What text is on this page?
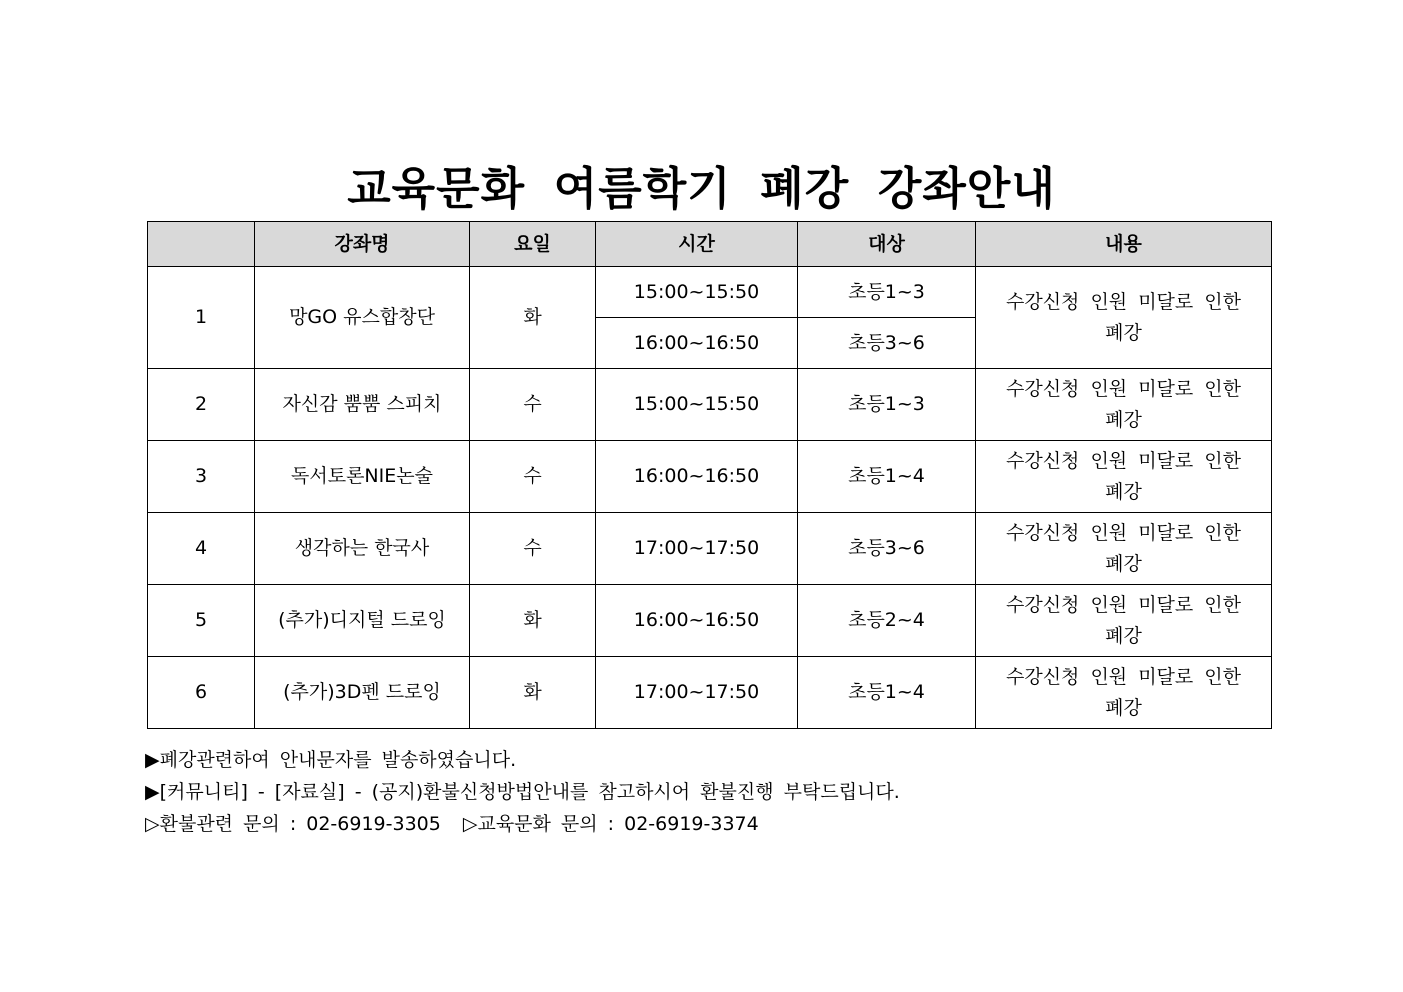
교육문화 여름학기 폐강 강좌안내
	강좌명	요일	시간	대상	내용
1	망GO 유스합창단	화	15:00~15:50	초등1~3	수강신청 인원 미달로 인한
폐강

			16:00~16:50	초등3~6	
2	자신감 뿜뿜 스피치	수	15:00~15:50	초등1~3	수강신청 인원 미달로 인한
폐강

3	독서토론NIE논술	수	16:00~16:50	초등1~4	수강신청 인원 미달로 인한
폐강

4	생각하는 한국사	수	17:00~17:50	초등3~6	수강신청 인원 미달로 인한
폐강

5	(추가)디지털 드로잉	화	16:00~16:50	초등2~4	수강신청 인원 미달로 인한
폐강

6	(추가)3D펜 드로잉	화	17:00~17:50	초등1~4	수강신청 인원 미달로 인한
폐강
▶폐강관련하여 안내문자를 발송하였습니다.
▶[커뮤니티] - [자료실] - (공지)환불신청방법안내를 참고하시어 환불진행 부탁드립니다.
▷환불관련 문의 : 02-6919-3305 ▷교육문화 문의 : 02-6919-3374
